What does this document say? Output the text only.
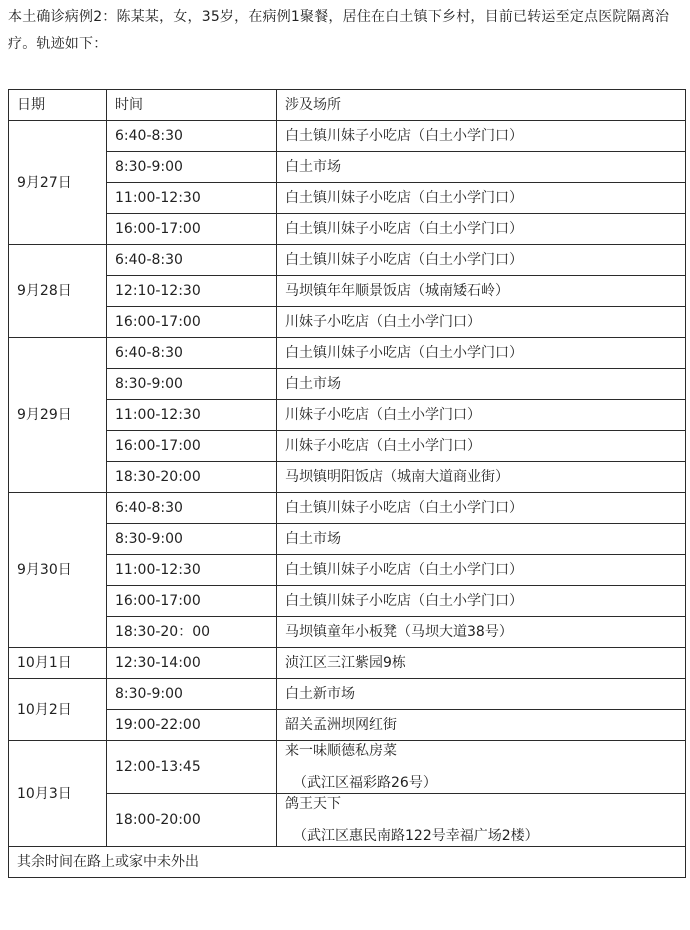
本土确诊病例2：陈某某，女，35岁，在病例1聚餐，居住在白土镇下乡村，目前已转运至定点医院隔离治疗。轨迹如下：
日期	时间	涉及场所
9月27日	6:40-8:30	白土镇川妹子小吃店（白土小学门口）
	8:30-9:00	白土市场
	11:00-12:30	白土镇川妹子小吃店（白土小学门口）
	16:00-17:00	白土镇川妹子小吃店（白土小学门口）
9月28日	6:40-8:30	白土镇川妹子小吃店（白土小学门口）
	12:10-12:30	马坝镇年年顺景饭店（城南矮石岭）
	16:00-17:00	川妹子小吃店（白土小学门口）
9月29日	6:40-8:30	白土镇川妹子小吃店（白土小学门口）
	8:30-9:00	白土市场
	11:00-12:30	川妹子小吃店（白土小学门口）
	16:00-17:00	川妹子小吃店（白土小学门口）
	18:30-20:00	马坝镇明阳饭店（城南大道商业街）
9月30日	6:40-8:30	白土镇川妹子小吃店（白土小学门口）
	8:30-9:00	白土市场
	11:00-12:30	白土镇川妹子小吃店（白土小学门口）
	16:00-17:00	白土镇川妹子小吃店（白土小学门口）
	18:30-20：00	马坝镇童年小板凳（马坝大道38号）
10月1日	12:30-14:00	浈江区三江紫园9栋
10月2日	8:30-9:00	白土新市场
	19:00-22:00	韶关孟洲坝网红街
10月3日	12:00-13:45	来一味顺德私房菜
（武江区福彩路26号）

	18:00-20:00	鸽王天下
（武江区惠民南路122号幸福广场2楼）

其余时间在路上或家中未外出		
